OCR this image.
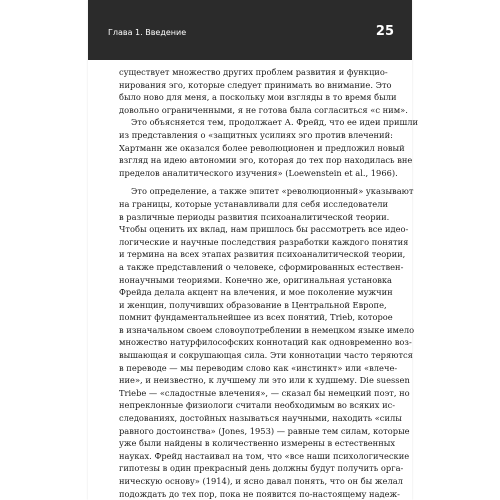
Глава 1. Введение	25
существует множество других проблем развития и функцио-
нирования эго, которые следует принимать во внимание. Это
было ново для меня, а поскольку мои взгляды в то время были
довольно ограниченными, я не готова была согласиться «с ним».
Это объясняется тем, продолжает А. Фрейд, что ее идеи пришли
из представления о «защитных усилиях эго против влечений:
Хартманн же оказался более революционен и предложил новый
взгляд на идею автономии эго, которая до тех пор находилась вне
пределов аналитического изучения» (Loewenstein et al., 1966).
Это определение, а также эпитет «революционный» указывают
на границы, которые устанавливали для себя исследователи
в различные периоды развития психоаналитической теории.
Чтобы оценить их вклад, нам пришлось бы рассмотреть все идео-
логические и научные последствия разработки каждого понятия
и термина на всех этапах развития психоаналитической теории,
а также представлений о человеке, сформированных естествен-
нонаучными теориями. Конечно же, оригинальная установка
Фрейда делала акцент на влечения, и мое поколение мужчин
и женщин, получивших образование в Центральной Европе,
помнит фундаментальнейшее из всех понятий, Trieb, которое
в изначальном своем словоупотреблении в немецком языке имело
множество натурфилософских коннотаций как одновременно воз-
вышающая и сокрушающая сила. Эти коннотации часто теряются
в переводе — мы переводим слово как «инстинкт» или «влече-
ние», и неизвестно, к лучшему ли это или к худшему. Die suessen
Triebe — «сладостные влечения», — сказал бы немецкий поэт, но
непреклонные физиологи считали необходимым во всяких ис-
следованиях, достойных называться научными, находить «силы
равного достоинства» (Jones, 1953) — равные тем силам, которые
уже были найдены в количественно измерены в естественных
науках. Фрейд настаивал на том, что «все наши психологические
гипотезы в один прекрасный день должны будут получить орга-
ническую основу» (1914), и ясно давал понять, что он бы желал
подождать до тех пор, пока не появится по-настоящему надеж-
